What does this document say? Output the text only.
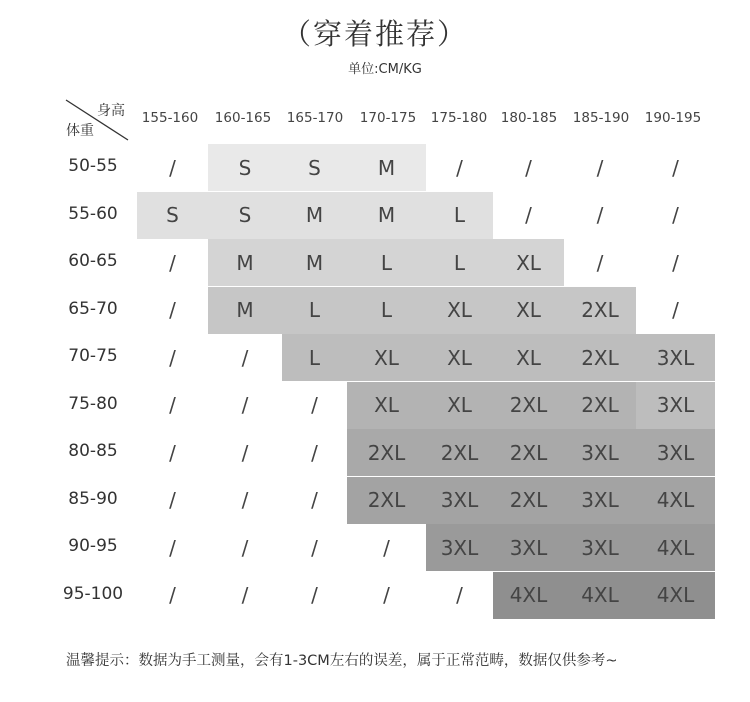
（穿着推荐）
单位:CM/KG
身高
体重
155-160	160-165	165-170	170-175	175-180	180-185	185-190	190-195
50-55	/	S	S	M	/	/	/	/
55-60	S	S	M	M	L	/	/	/
60-65	/	M	M	L	L	XL	/	/
65-70	/	M	L	L	XL	XL	2XL	/
70-75	/	/	L	XL	XL	XL	2XL	3XL
75-80	/	/	/	XL	XL	2XL	2XL	3XL
80-85	/	/	/	2XL	2XL	2XL	3XL	3XL
85-90	/	/	/	2XL	3XL	2XL	3XL	4XL
90-95	/	/	/	/	3XL	3XL	3XL	4XL
95-100	/	/	/	/	/	4XL	4XL	4XL
温馨提示：数据为手工测量，会有1-3CM左右的误差，属于正常范畴，数据仅供参考~
